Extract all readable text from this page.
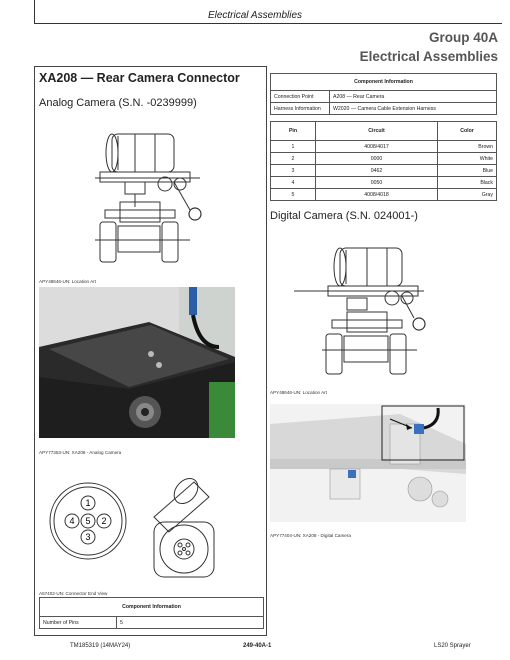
Electrical Assemblies
Group 40A
Electrical Assemblies
XA208 — Rear Camera Connector
Analog Camera (S.N. -0239999)
APY48646-UN: Location Art
APY77353-UN: XA208 - Analog Camera
1
4 5 2
3
A57402-UN: Connector End View
Component Information
Number of Pins	5
Component Information	
Connection Point	A208 — Rear Camera
Harness Information	W2020 — Camera Cable Extension Harness
Pin	Circuit	Color
1	4008/4017	Brown
2	0000	White
3	0462	Blue
4	0050	Black
5	4008/4018	Gray
Digital Camera (S.N. 024001-)
APY48646-UN: Location Art
APY77404-UN: XA208 - Digital Camera
TM185319 (14MAY24)	249-40A-1	LS20 Sprayer
